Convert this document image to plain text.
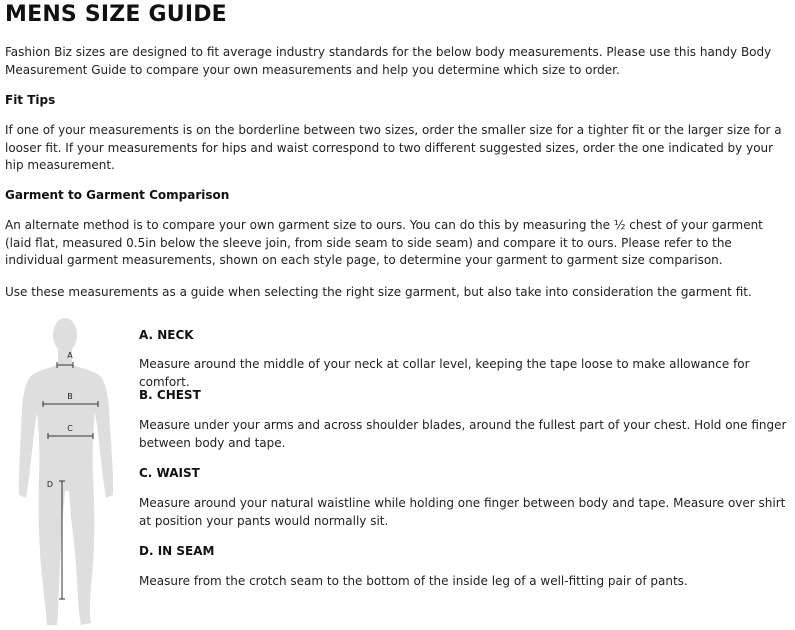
MENS SIZE GUIDE

Fashion Biz sizes are designed to fit average industry standards for the below body measurements. Please use this handy Body Measurement Guide to compare your own measurements and help you determine which size to order.

Fit Tips

If one of your measurements is on the borderline between two sizes, order the smaller size for a tighter fit or the larger size for a looser fit. If your measurements for hips and waist correspond to two different suggested sizes, order the one indicated by your hip measurement.

Garment to Garment Comparison

An alternate method is to compare your own garment size to ours. You can do this by measuring the ½ chest of your garment (laid flat, measured 0.5in below the sleeve join, from side seam to side seam) and compare it to ours. Please refer to the individual garment measurements, shown on each style page, to determine your garment to garment size comparison.

Use these measurements as a guide when selecting the right size garment, but also take into consideration the garment fit.

A
B
C
D

A. NECK

Measure around the middle of your neck at collar level, keeping the tape loose to make allowance for comfort.

B. CHEST

Measure under your arms and across shoulder blades, around the fullest part of your chest. Hold one finger between body and tape.

C. WAIST

Measure around your natural waistline while holding one finger between body and tape. Measure over shirt at position your pants would normally sit.

D. IN SEAM

Measure from the crotch seam to the bottom of the inside leg of a well-fitting pair of pants.
